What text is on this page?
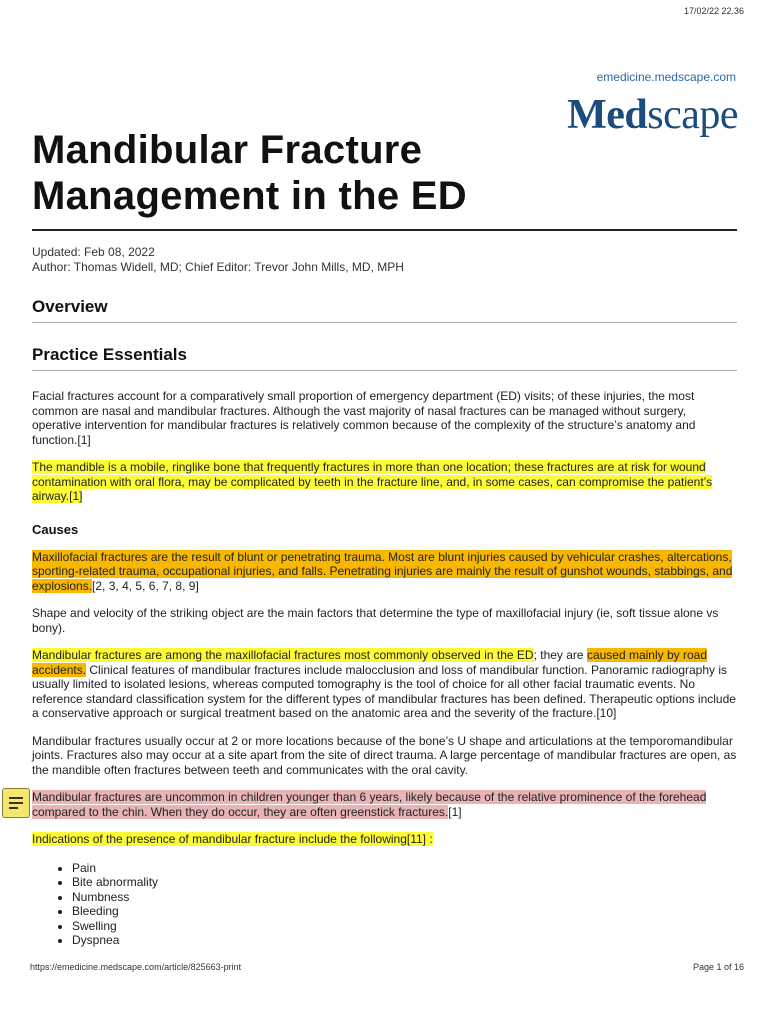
17/02/22 22.36
emedicine.medscape.com
Medscape
Mandibular Fracture
Management in the ED
Updated: Feb 08, 2022
Author: Thomas Widell, MD; Chief Editor: Trevor John Mills, MD, MPH
Overview
Practice Essentials

Facial fractures account for a comparatively small proportion of emergency department (ED) visits; of these injuries, the most common are nasal and mandibular fractures. Although the vast majority of nasal fractures can be managed without surgery, operative intervention for mandibular fractures is relatively common because of the complexity of the structure’s anatomy and function.[1]

The mandible is a mobile, ringlike bone that frequently fractures in more than one location; these fractures are at risk for wound contamination with oral flora, may be complicated by teeth in the fracture line, and, in some cases, can compromise the patient’s airway.[1]

Causes

Maxillofacial fractures are the result of blunt or penetrating trauma. Most are blunt injuries caused by vehicular crashes, altercations, sporting-related trauma, occupational injuries, and falls. Penetrating injuries are mainly the result of gunshot wounds, stabbings, and explosions.[2, 3, 4, 5, 6, 7, 8, 9]

Shape and velocity of the striking object are the main factors that determine the type of maxillofacial injury (ie, soft tissue alone vs bony).

Mandibular fractures are among the maxillofacial fractures most commonly observed in the ED; they are caused mainly by road accidents. Clinical features of mandibular fractures include malocclusion and loss of mandibular function. Panoramic radiography is usually limited to isolated lesions, whereas computed tomography is the tool of choice for all other facial traumatic events. No reference standard classification system for the different types of mandibular fractures has been defined. Therapeutic options include a conservative approach or surgical treatment based on the anatomic area and the severity of the fracture.[10]

Mandibular fractures usually occur at 2 or more locations because of the bone’s U shape and articulations at the temporomandibular joints. Fractures also may occur at a site apart from the site of direct trauma. A large percentage of mandibular fractures are open, as the mandible often fractures between teeth and communicates with the oral cavity.

Mandibular fractures are uncommon in children younger than 6 years, likely because of the relative prominence of the forehead compared to the chin. When they do occur, they are often greenstick fractures.[1]

Indications of the presence of mandibular fracture include the following[11] :

• Pain
• Bite abnormality
• Numbness
• Bleeding
• Swelling
• Dyspnea
https://emedicine.medscape.com/article/825663-print	Page 1 of 16
